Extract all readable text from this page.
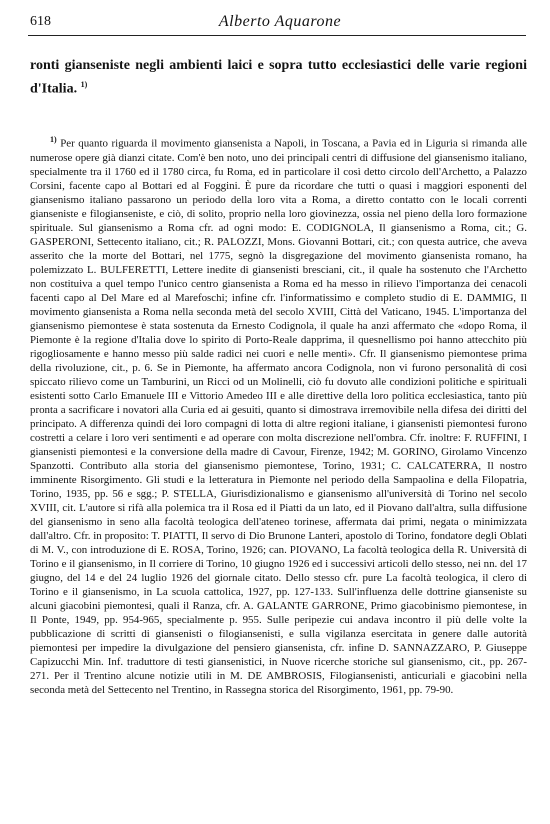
618	Alberto Aquarone

ronti gianseniste negli ambienti laici e sopra tutto ecclesiastici delle varie regioni d'Italia. $^{1)}$

$^{1)}$ Per quanto riguarda il movimento giansenista a Napoli, in Toscana, a Pavia ed in Liguria si rimanda alle numerose opere già dianzi citate. Com'è ben noto, uno dei principali centri di diffusione del giansenismo italiano, specialmente tra il 1760 ed il 1780 circa, fu Roma, ed in particolare il così detto circolo dell'Archetto, a Palazzo Corsini, facente capo al Bottari ed al Foggini. È pure da ricordare che tutti o quasi i maggiori esponenti del giansenismo italiano passarono un periodo della loro vita a Roma, a diretto contatto con le locali correnti gianseniste e filogianseniste, e ciò, di solito, proprio nella loro giovinezza, ossia nel pieno della loro formazione spirituale. Sul giansenismo a Roma cfr. ad ogni modo: E. CODIGNOLA, Il giansenismo a Roma, cit.; G. GASPERONI, Settecento italiano, cit.; R. PALOZZI, Mons. Giovanni Bottari, cit.; con questa autrice, che aveva asserito che la morte del Bottari, nel 1775, segnò la disgregazione del movimento giansenista romano, ha polemizzato L. BULFERETTI, Lettere inedite di giansenisti bresciani, cit., il quale ha sostenuto che l'Archetto non costituiva a quel tempo l'unico centro giansenista a Roma ed ha messo in rilievo l'importanza dei cenacoli facenti capo al Del Mare ed al Marefoschi; infine cfr. l'informatissimo e completo studio di E. DAMMIG, Il movimento giansenista a Roma nella seconda metà del secolo XVIII, Città del Vaticano, 1945. L'importanza del giansenismo piemontese è stata sostenuta da Ernesto Codignola, il quale ha anzi affermato che «dopo Roma, il Piemonte è la regione d'Italia dove lo spirito di Porto-Reale dapprima, il quesnellismo poi hanno attecchito più rigogliosamente e hanno messo più salde radici nei cuori e nelle menti». Cfr. Il giansenismo piemontese prima della rivoluzione, cit., p. 6. Se in Piemonte, ha affermato ancora Codignola, non vi furono personalità di così spiccato rilievo come un Tamburini, un Ricci od un Molinelli, ciò fu dovuto alle condizioni politiche e spirituali esistenti sotto Carlo Emanuele III e Vittorio Amedeo III e alle direttive della loro politica ecclesiastica, tanto più pronta a sacrificare i novatori alla Curia ed ai gesuiti, quanto si dimostrava irremovibile nella difesa dei diritti del principato. A differenza quindi dei loro compagni di lotta di altre regioni italiane, i giansenisti piemontesi furono costretti a celare i loro veri sentimenti e ad operare con molta discrezione nell'ombra. Cfr. inoltre: F. RUFFINI, I giansenisti piemontesi e la conversione della madre di Cavour, Firenze, 1942; M. GORINO, Girolamo Vincenzo Spanzotti. Contributo alla storia del giansenismo piemontese, Torino, 1931; C. CALCATERRA, Il nostro imminente Risorgimento. Gli studi e la letteratura in Piemonte nel periodo della Sampaolina e della Filopatria, Torino, 1935, pp. 56 e sgg.; P. STELLA, Giurisdizionalismo e giansenismo all'università di Torino nel secolo XVIII, cit. L'autore si rifà alla polemica tra il Rosa ed il Piatti da un lato, ed il Piovano dall'altra, sulla diffusione del giansenismo in seno alla facoltà teologica dell'ateneo torinese, affermata dai primi, negata o minimizzata dall'altro. Cfr. in proposito: T. PIATTI, Il servo di Dio Brunone Lanteri, apostolo di Torino, fondatore degli Oblati di M. V., con introduzione di E. ROSA, Torino, 1926; can. PIOVANO, La facoltà teologica della R. Università di Torino e il giansenismo, in Il corriere di Torino, 10 giugno 1926 ed i successivi articoli dello stesso, nei nn. del 17 giugno, del 14 e del 24 luglio 1926 del giornale citato. Dello stesso cfr. pure La facoltà teologica, il clero di Torino e il giansenismo, in La scuola cattolica, 1927, pp. 127-133. Sull'influenza delle dottrine gianseniste su alcuni giacobini piemontesi, quali il Ranza, cfr. A. GALANTE GARRONE, Primo giacobinismo piemontese, in Il Ponte, 1949, pp. 954-965, specialmente p. 955. Sulle peripezie cui andava incontro il più delle volte la pubblicazione di scritti di giansenisti o filogiansenisti, e sulla vigilanza esercitata in genere dalle autorità piemontesi per impedire la divulgazione del pensiero giansenista, cfr. infine D. SANNAZZARO, P. Giuseppe Capizucchi Min. Inf. traduttore di testi giansenistici, in Nuove ricerche storiche sul giansenismo, cit., pp. 267-271. Per il Trentino alcune notizie utili in M. DE AMBROSIS, Filogiansenisti, anticuriali e giacobini nella seconda metà del Settecento nel Trentino, in Rassegna storica del Risorgimento, 1961, pp. 79-90.
